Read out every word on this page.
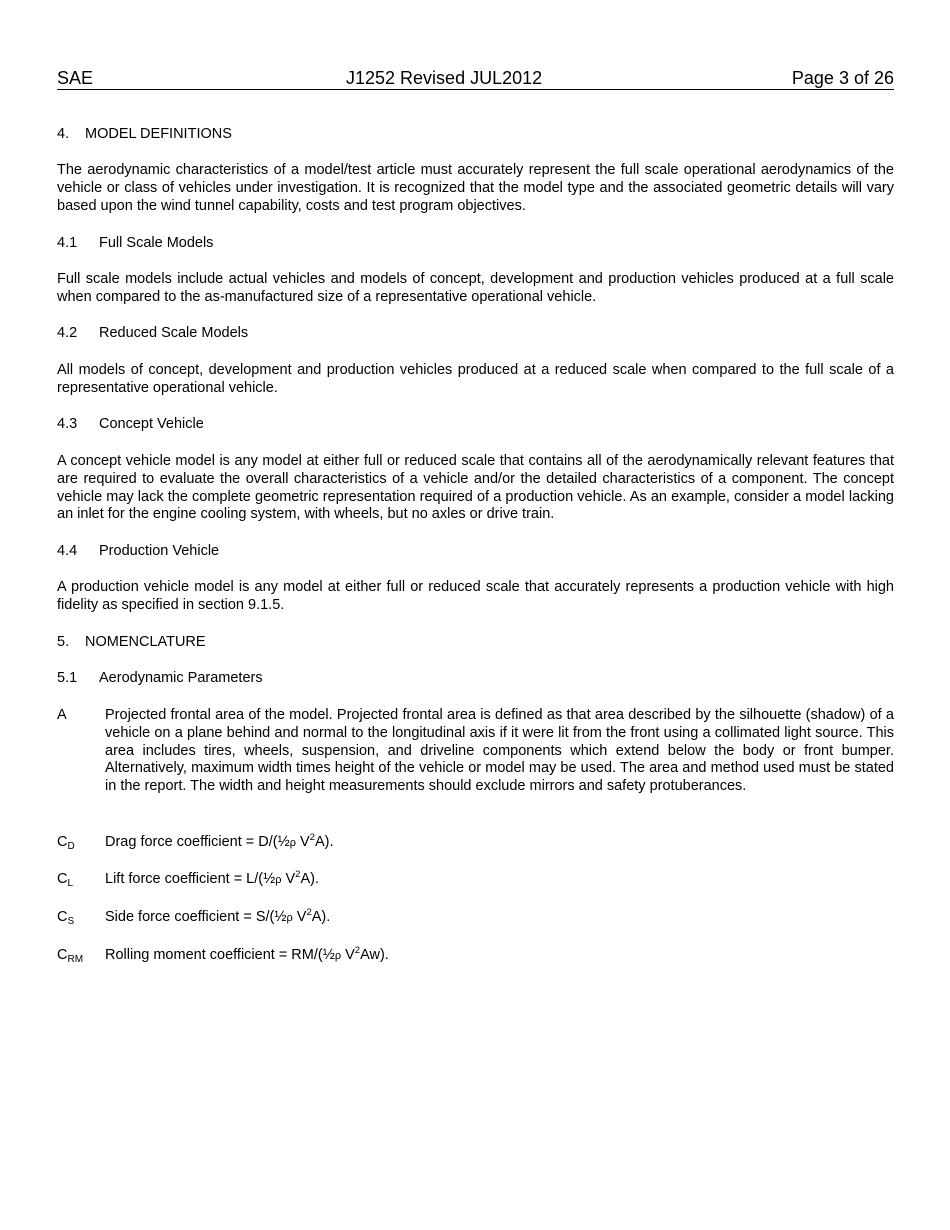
SAE	J1252 Revised JUL2012	Page 3 of 26
4. MODEL DEFINITIONS
The aerodynamic characteristics of a model/test article must accurately represent the full scale operational aerodynamics of the vehicle or class of vehicles under investigation. It is recognized that the model type and the associated geometric details will vary based upon the wind tunnel capability, costs and test program objectives.
4.1 Full Scale Models
Full scale models include actual vehicles and models of concept, development and production vehicles produced at a full scale when compared to the as-manufactured size of a representative operational vehicle.
4.2 Reduced Scale Models
All models of concept, development and production vehicles produced at a reduced scale when compared to the full scale of a representative operational vehicle.
4.3 Concept Vehicle
A concept vehicle model is any model at either full or reduced scale that contains all of the aerodynamically relevant features that are required to evaluate the overall characteristics of a vehicle and/or the detailed characteristics of a component. The concept vehicle may lack the complete geometric representation required of a production vehicle. As an example, consider a model lacking an inlet for the engine cooling system, with wheels, but no axles or drive train.
4.4 Production Vehicle
A production vehicle model is any model at either full or reduced scale that accurately represents a production vehicle with high fidelity as specified in section 9.1.5.
5. NOMENCLATURE
5.1 Aerodynamic Parameters
A	Projected frontal area of the model. Projected frontal area is defined as that area described by the silhouette (shadow) of a vehicle on a plane behind and normal to the longitudinal axis if it were lit from the front using a collimated light source. This area includes tires, wheels, suspension, and driveline components which extend below the body or front bumper. Alternatively, maximum width times height of the vehicle or model may be used. The area and method used must be stated in the report. The width and height measurements should exclude mirrors and safety protuberances.
$C_D$ Drag force coefficient = D/(½ρ $V^2A$).
$C_L$ Lift force coefficient = L/(½ρ $V^2A$).
$C_S$ Side force coefficient = S/(½ρ $V^2A$).
$C_{RM}$ Rolling moment coefficient = RM/(½ρ $V^2Aw$).
